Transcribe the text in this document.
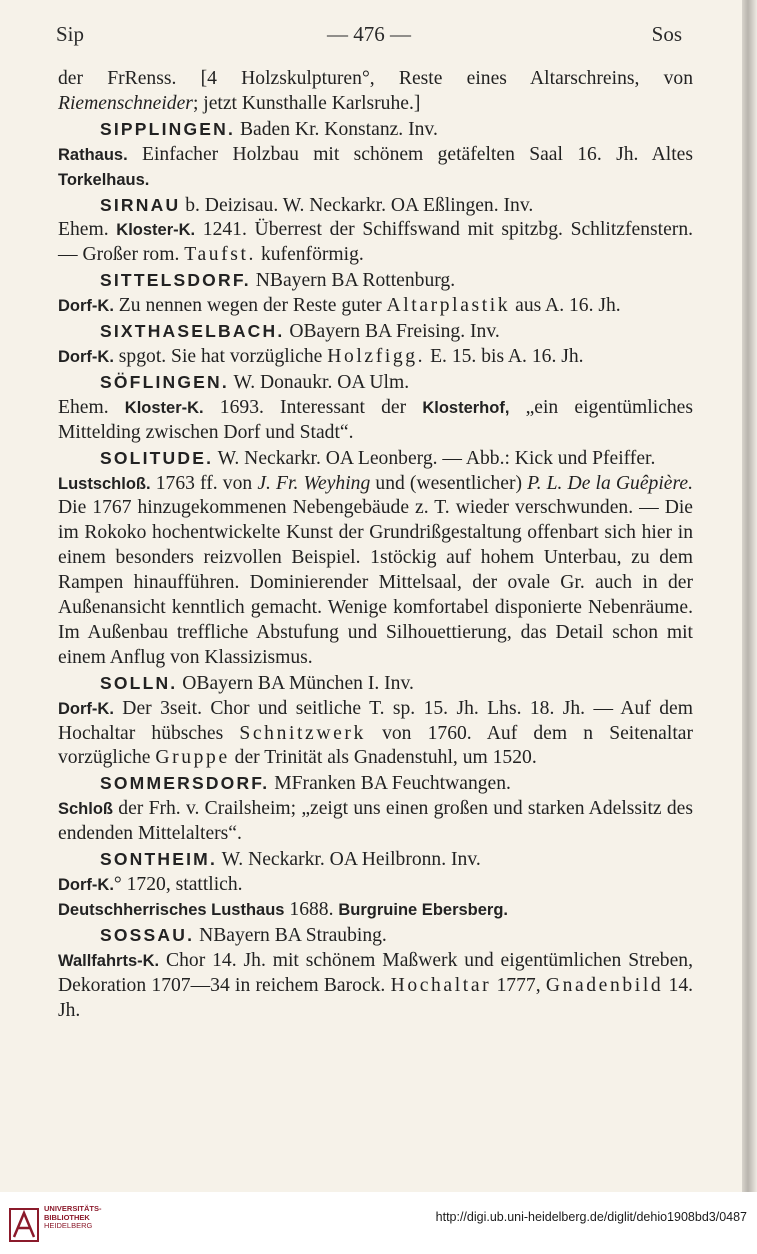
Sip	— 476 —	Sos

der FrRenss. [4 Holzskulpturen°, Reste eines Altarschreins, von Riemenschneider; jetzt Kunsthalle Karlsruhe.]

SIPPLINGEN. Baden Kr. Konstanz. Inv.

Rathaus. Einfacher Holzbau mit schönem getäfelten Saal 16. Jh. Altes Torkelhaus.

SIRNAU b. Deizisau. W. Neckarkr. OA Eßlingen. Inv.

Ehem. Kloster-K. 1241. Überrest der Schiffswand mit spitzbg. Schlitzfenstern. — Großer rom. Taufst. kufenförmig.

SITTELSDORF. NBayern BA Rottenburg.

Dorf-K. Zu nennen wegen der Reste guter Altarplastik aus A. 16. Jh.

SIXTHASELBACH. OBayern BA Freising. Inv.

Dorf-K. spgot. Sie hat vorzügliche Holzfigg. E. 15. bis A. 16. Jh.

SÖFLINGEN. W. Donaukr. OA Ulm.

Ehem. Kloster-K. 1693. Interessant der Klosterhof, „ein eigentümliches Mittelding zwischen Dorf und Stadt“.

SOLITUDE. W. Neckarkr. OA Leonberg. — Abb.: Kick und Pfeiffer.

Lustschloß. 1763 ff. von J. Fr. Weyhing und (wesentlicher) P. L. De la Guêpière. Die 1767 hinzugekommenen Nebengebäude z. T. wieder verschwunden. — Die im Rokoko hochentwickelte Kunst der Grundrißgestaltung offenbart sich hier in einem besonders reizvollen Beispiel. 1stöckig auf hohem Unterbau, zu dem Rampen hinaufführen. Dominierender Mittelsaal, der ovale Gr. auch in der Außenansicht kenntlich gemacht. Wenige komfortabel disponierte Nebenräume. Im Außenbau treffliche Abstufung und Silhouettierung, das Detail schon mit einem Anflug von Klassizismus.

SOLLN. OBayern BA München I. Inv.

Dorf-K. Der 3seit. Chor und seitliche T. sp. 15. Jh. Lhs. 18. Jh. — Auf dem Hochaltar hübsches Schnitzwerk von 1760. Auf dem n Seitenaltar vorzügliche Gruppe der Trinität als Gnadenstuhl, um 1520.

SOMMERSDORF. MFranken BA Feuchtwangen.

Schloß der Frh. v. Crailsheim; „zeigt uns einen großen und starken Adelssitz des endenden Mittelalters“.

SONTHEIM. W. Neckarkr. OA Heilbronn. Inv.

Dorf-K.° 1720, stattlich.

Deutschherrisches Lusthaus 1688. Burgruine Ebersberg.

SOSSAU. NBayern BA Straubing.

Wallfahrts-K. Chor 14. Jh. mit schönem Maßwerk und eigentümlichen Streben, Dekoration 1707—34 in reichem Barock. Hochaltar 1777, Gnadenbild 14. Jh.

UNIVERSITÄTS-
BIBLIOTHEK
HEIDELBERG
http://digi.ub.uni-heidelberg.de/diglit/dehio1908bd3/0487
